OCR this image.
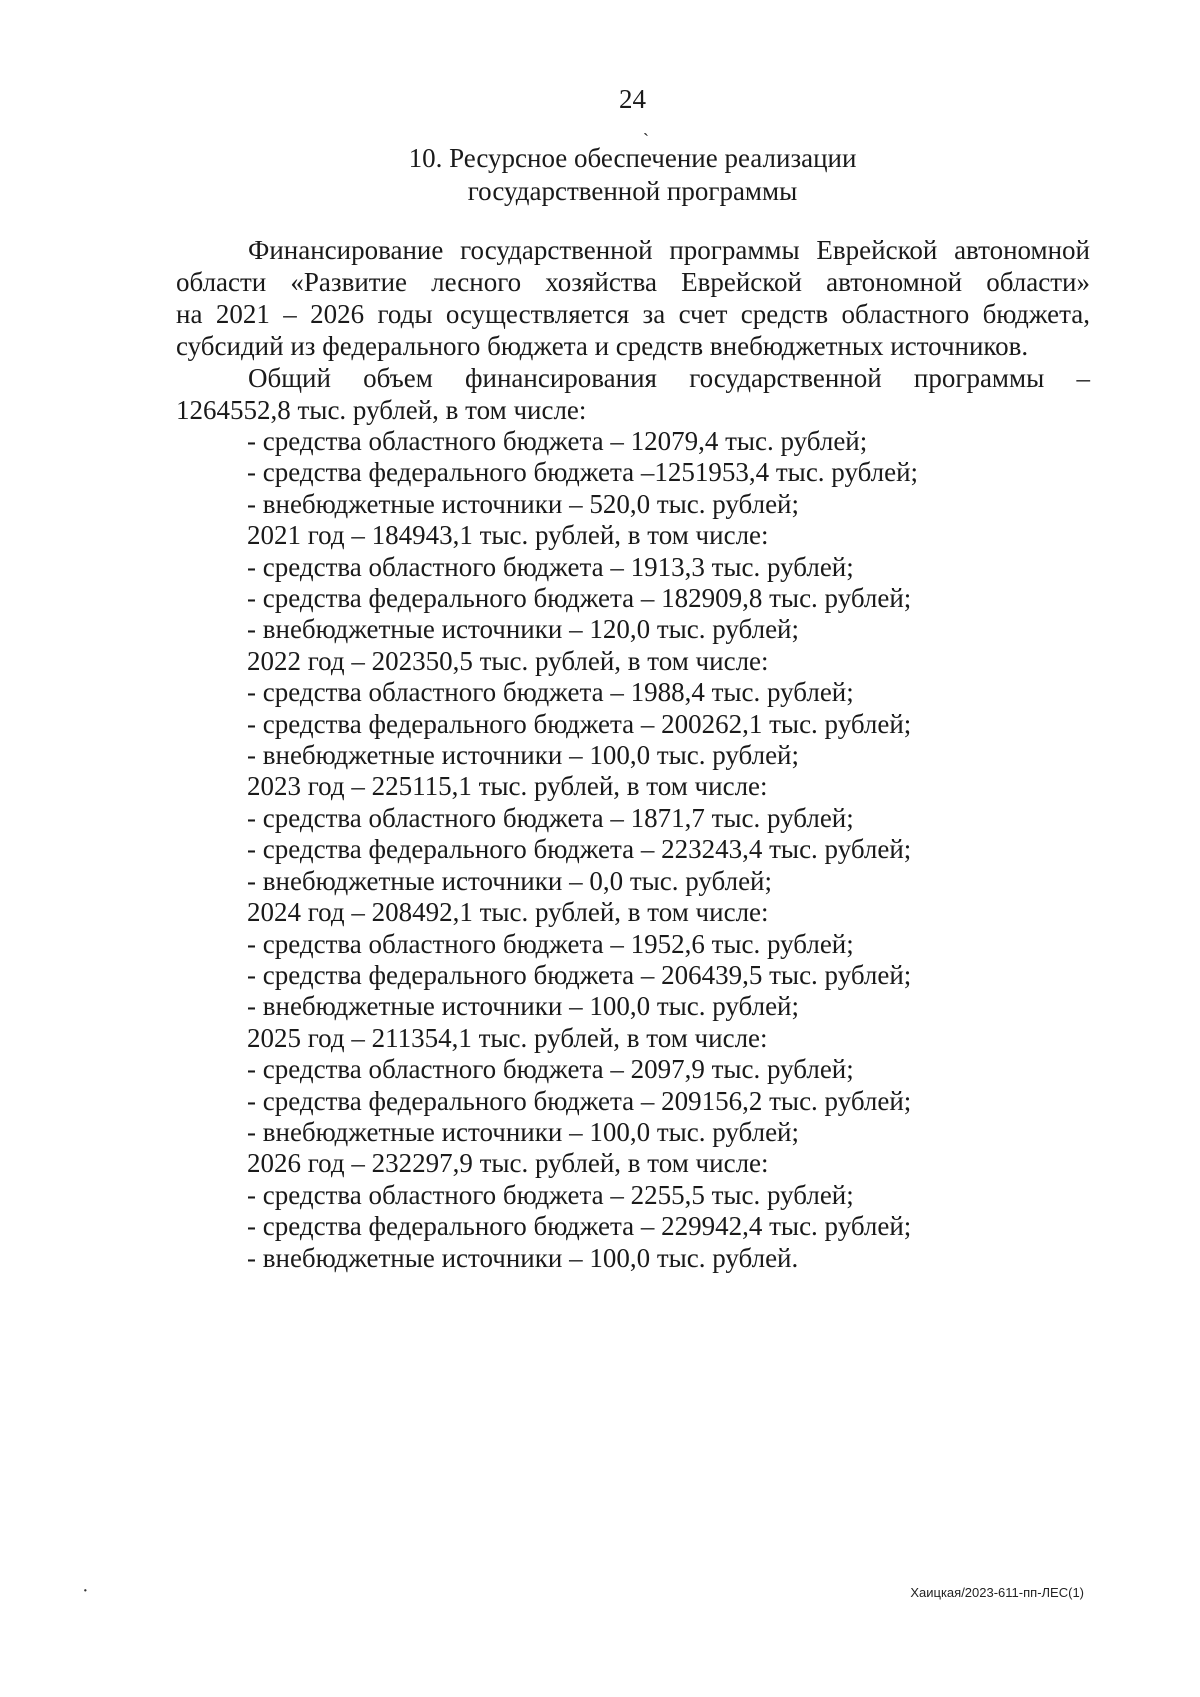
24
ˏ
10. Ресурсное обеспечение реализации
государственной программы
Финансирование государственной программы Еврейской автономной
области «Развитие лесного хозяйства Еврейской автономной области»
на 2021 – 2026 годы осуществляется за счет средств областного бюджета,
субсидий из федерального бюджета и средств внебюджетных источников.
Общий объем финансирования государственной программы –
1264552,8 тыс. рублей, в том числе:
- средства областного бюджета – 12079,4 тыс. рублей;
- средства федерального бюджета –1251953,4 тыс. рублей;
- внебюджетные источники – 520,0 тыс. рублей;
2021 год – 184943,1 тыс. рублей, в том числе:
- средства областного бюджета – 1913,3 тыс. рублей;
- средства федерального бюджета – 182909,8 тыс. рублей;
- внебюджетные источники – 120,0 тыс. рублей;
2022 год – 202350,5 тыс. рублей, в том числе:
- средства областного бюджета – 1988,4 тыс. рублей;
- средства федерального бюджета – 200262,1 тыс. рублей;
- внебюджетные источники – 100,0 тыс. рублей;
2023 год – 225115,1 тыс. рублей, в том числе:
- средства областного бюджета – 1871,7 тыс. рублей;
- средства федерального бюджета – 223243,4 тыс. рублей;
- внебюджетные источники – 0,0 тыс. рублей;
2024 год – 208492,1 тыс. рублей, в том числе:
- средства областного бюджета – 1952,6 тыс. рублей;
- средства федерального бюджета – 206439,5 тыс. рублей;
- внебюджетные источники – 100,0 тыс. рублей;
2025 год – 211354,1 тыс. рублей, в том числе:
- средства областного бюджета – 2097,9 тыс. рублей;
- средства федерального бюджета – 209156,2 тыс. рублей;
- внебюджетные источники – 100,0 тыс. рублей;
2026 год – 232297,9 тыс. рублей, в том числе:
- средства областного бюджета – 2255,5 тыс. рублей;
- средства федерального бюджета – 229942,4 тыс. рублей;
- внебюджетные источники – 100,0 тыс. рублей.
·	Хаицкая/2023-611-пп-ЛЕС(1)
